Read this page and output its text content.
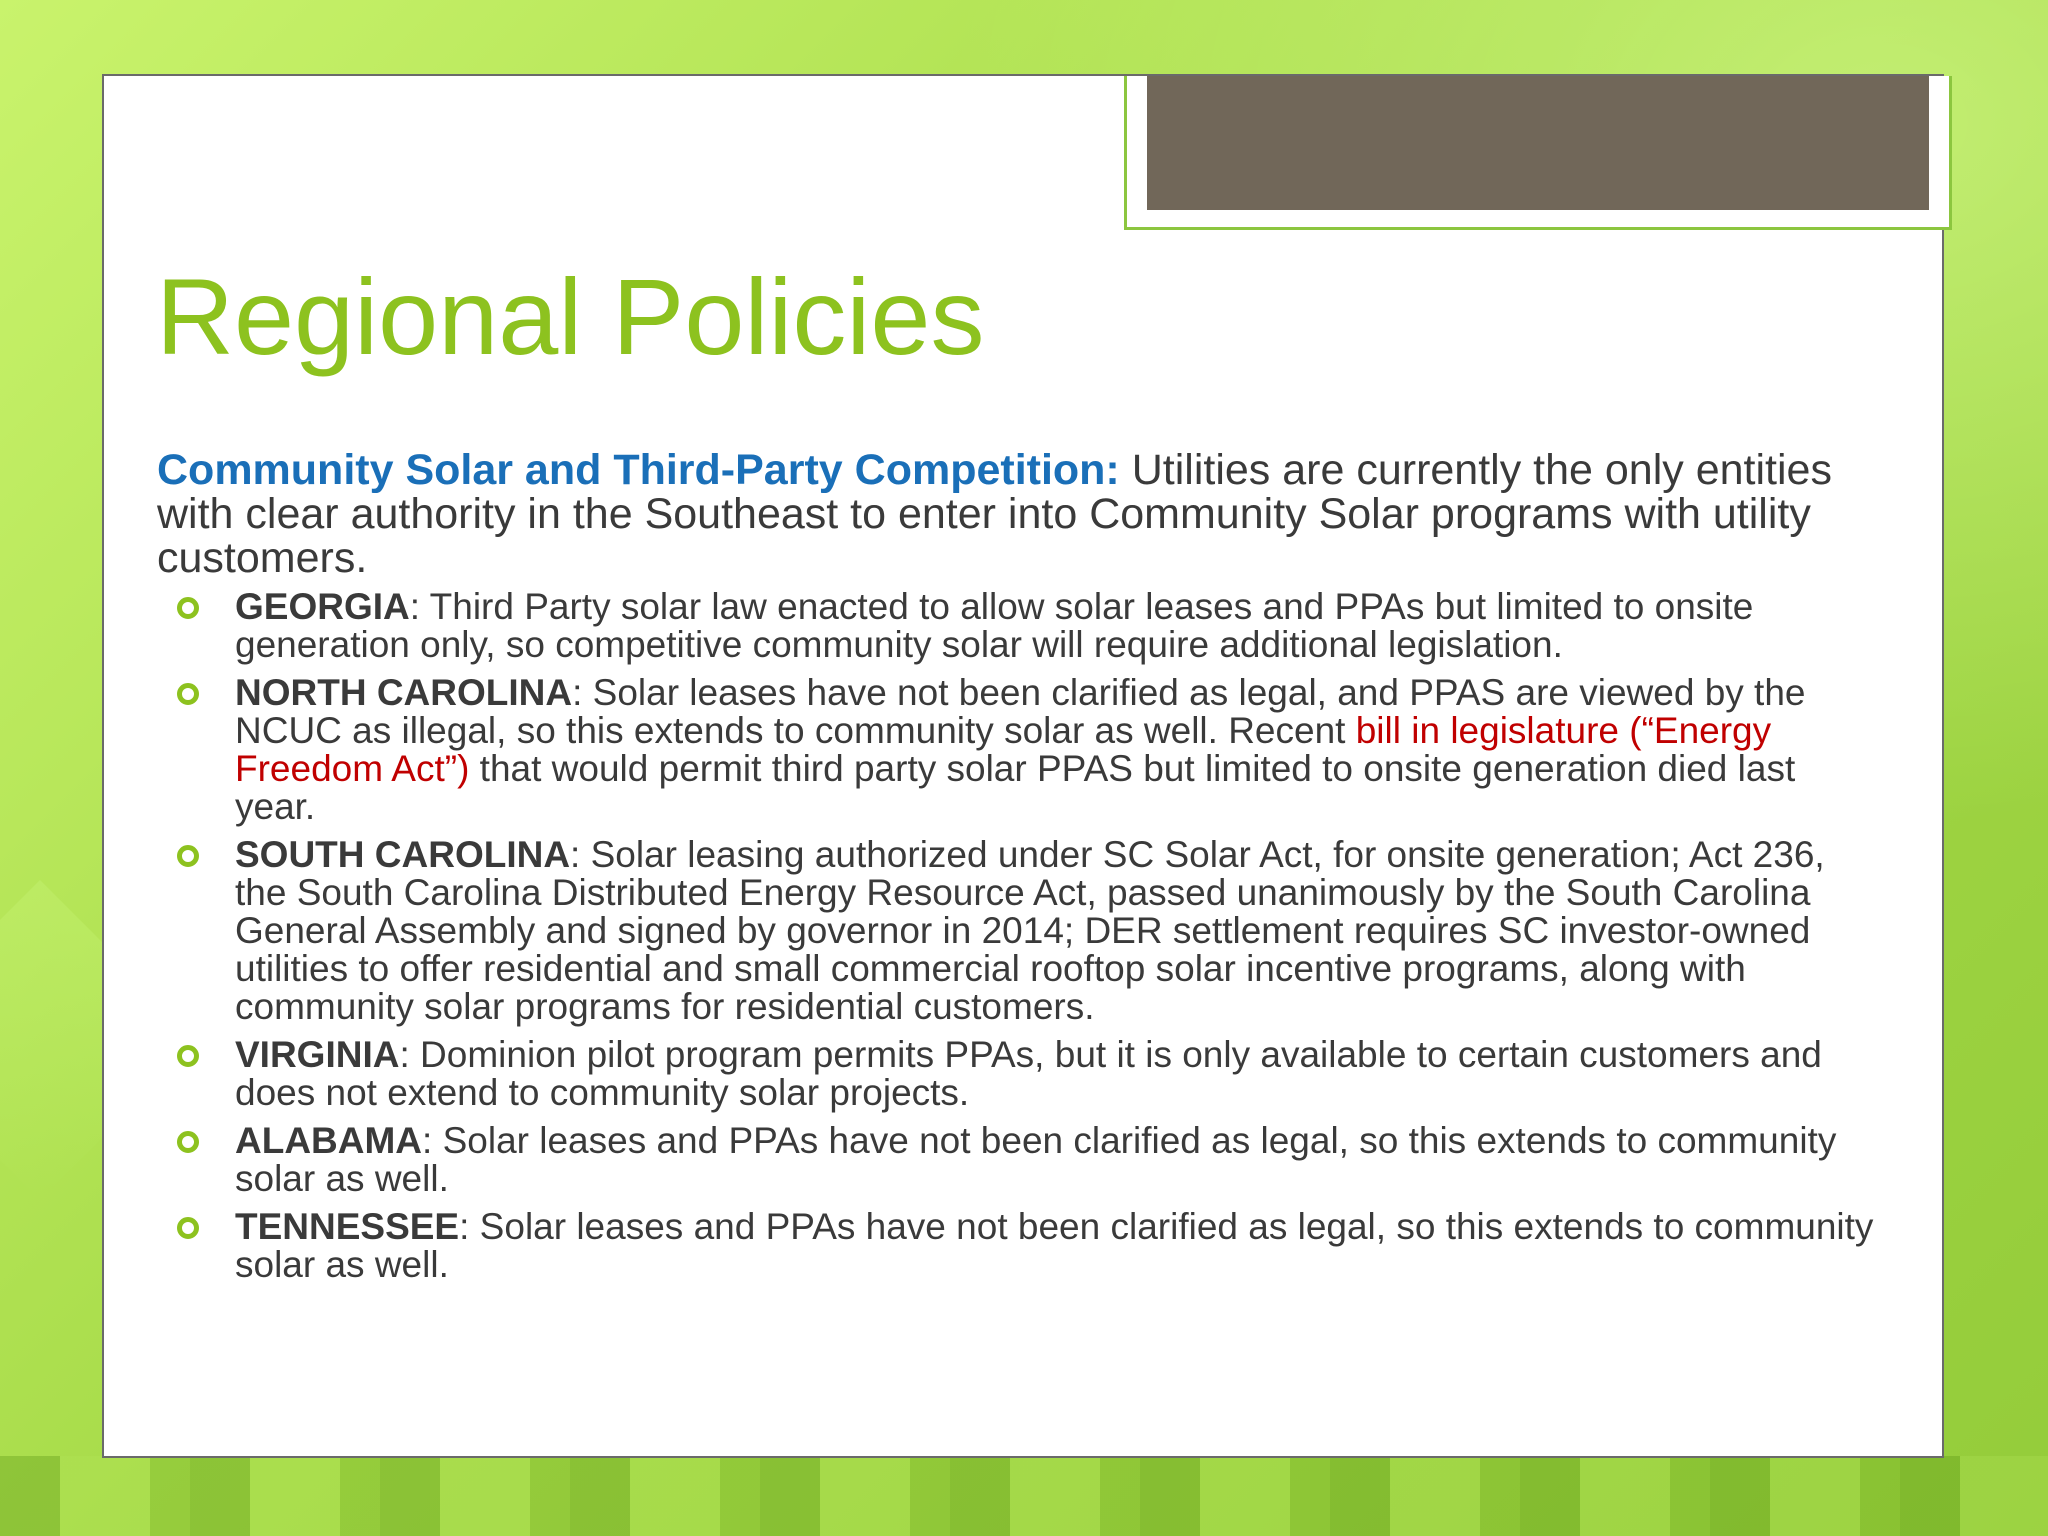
Regional Policies

Community Solar and Third-Party Competition: Utilities are currently the only entities with clear authority in the Southeast to enter into Community Solar programs with utility customers.

GEORGIA: Third Party solar law enacted to allow solar leases and PPAs but limited to onsite generation only, so competitive community solar will require additional legislation.
NORTH CAROLINA: Solar leases have not been clarified as legal, and PPAS are viewed by the NCUC as illegal, so this extends to community solar as well. Recent bill in legislature (“Energy Freedom Act”) that would permit third party solar PPAS but limited to onsite generation died last year.
SOUTH CAROLINA: Solar leasing authorized under SC Solar Act, for onsite generation; Act 236, the South Carolina Distributed Energy Resource Act, passed unanimously by the South Carolina General Assembly and signed by governor in 2014; DER settlement requires SC investor-owned utilities to offer residential and small commercial rooftop solar incentive programs, along with community solar programs for residential customers.
VIRGINIA: Dominion pilot program permits PPAs, but it is only available to certain customers and does not extend to community solar projects.
ALABAMA: Solar leases and PPAs have not been clarified as legal, so this extends to community solar as well.
TENNESSEE: Solar leases and PPAs have not been clarified as legal, so this extends to community solar as well.
